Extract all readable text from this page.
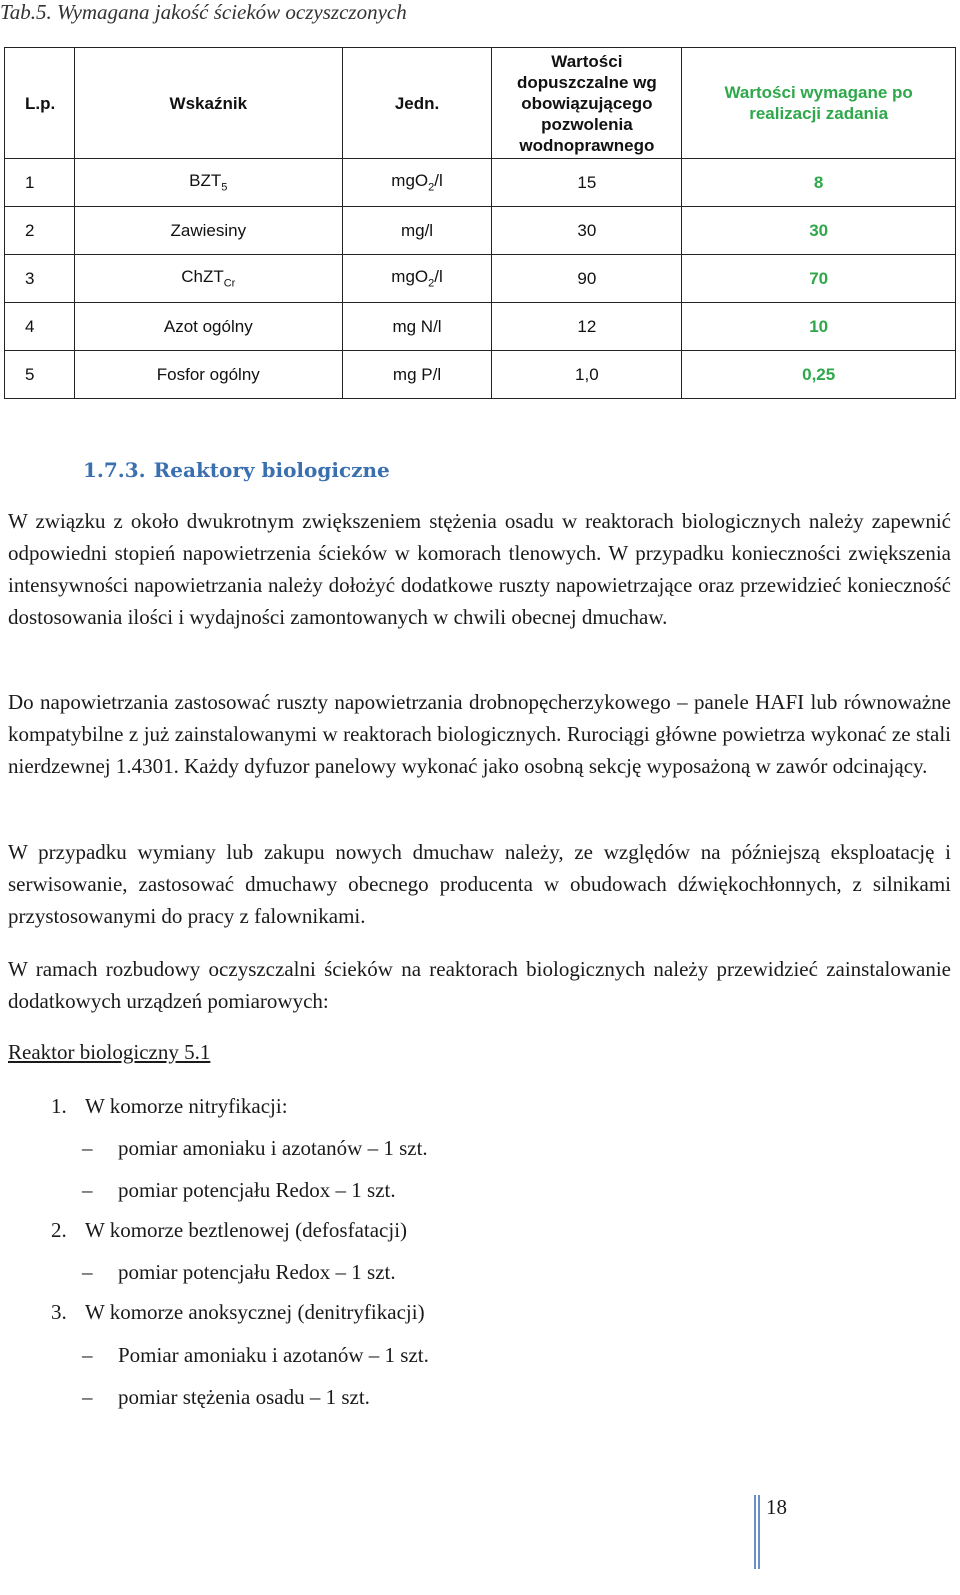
Tab.5. Wymagana jakość ścieków oczyszczonych
L.p.	Wskaźnik	Jedn.	Wartości dopuszczalne wg obowiązującego pozwolenia wodnoprawnego	Wartości wymagane po realizacji zadania
1	$BZT_5$	mgO$_2$/l	15	8
2	Zawiesiny	mg/l	30	30
3	ChZT$_{Cr}$	mgO$_2$/l	90	70
4	Azot ogólny	mg N/l	12	10
5	Fosfor ogólny	mg P/l	1,0	0,25
1.7.3. Reaktory biologiczne

W związku z około dwukrotnym zwiększeniem stężenia osadu w reaktorach biologicznych należy zapewnić odpowiedni stopień napowietrzenia ścieków w komorach tlenowych. W przypadku konieczności zwiększenia intensywności napowietrzania należy dołożyć dodatkowe ruszty napowietrzające oraz przewidzieć konieczność dostosowania ilości i wydajności zamontowanych w chwili obecnej dmuchaw.

Do napowietrzania zastosować ruszty napowietrzania drobnopęcherzykowego – panele HAFI lub równoważne kompatybilne z już zainstalowanymi w reaktorach biologicznych. Rurociągi główne powietrza wykonać ze stali nierdzewnej 1.4301. Każdy dyfuzor panelowy wykonać jako osobną sekcję wyposażoną w zawór odcinający.

W przypadku wymiany lub zakupu nowych dmuchaw należy, ze względów na późniejszą eksploatację i serwisowanie, zastosować dmuchawy obecnego producenta w obudowach dźwiękochłonnych, z silnikami przystosowanymi do pracy z falownikami.

W ramach rozbudowy oczyszczalni ścieków na reaktorach biologicznych należy przewidzieć zainstalowanie dodatkowych urządzeń pomiarowych:

Reaktor biologiczny 5.1

1. W komorze nitryfikacji:
– pomiar amoniaku i azotanów – 1 szt.
– pomiar potencjału Redox – 1 szt.
2. W komorze beztlenowej (defosfatacji)
– pomiar potencjału Redox – 1 szt.
3. W komorze anoksycznej (denitryfikacji)
– Pomiar amoniaku i azotanów – 1 szt.
– pomiar stężenia osadu – 1 szt.
18
